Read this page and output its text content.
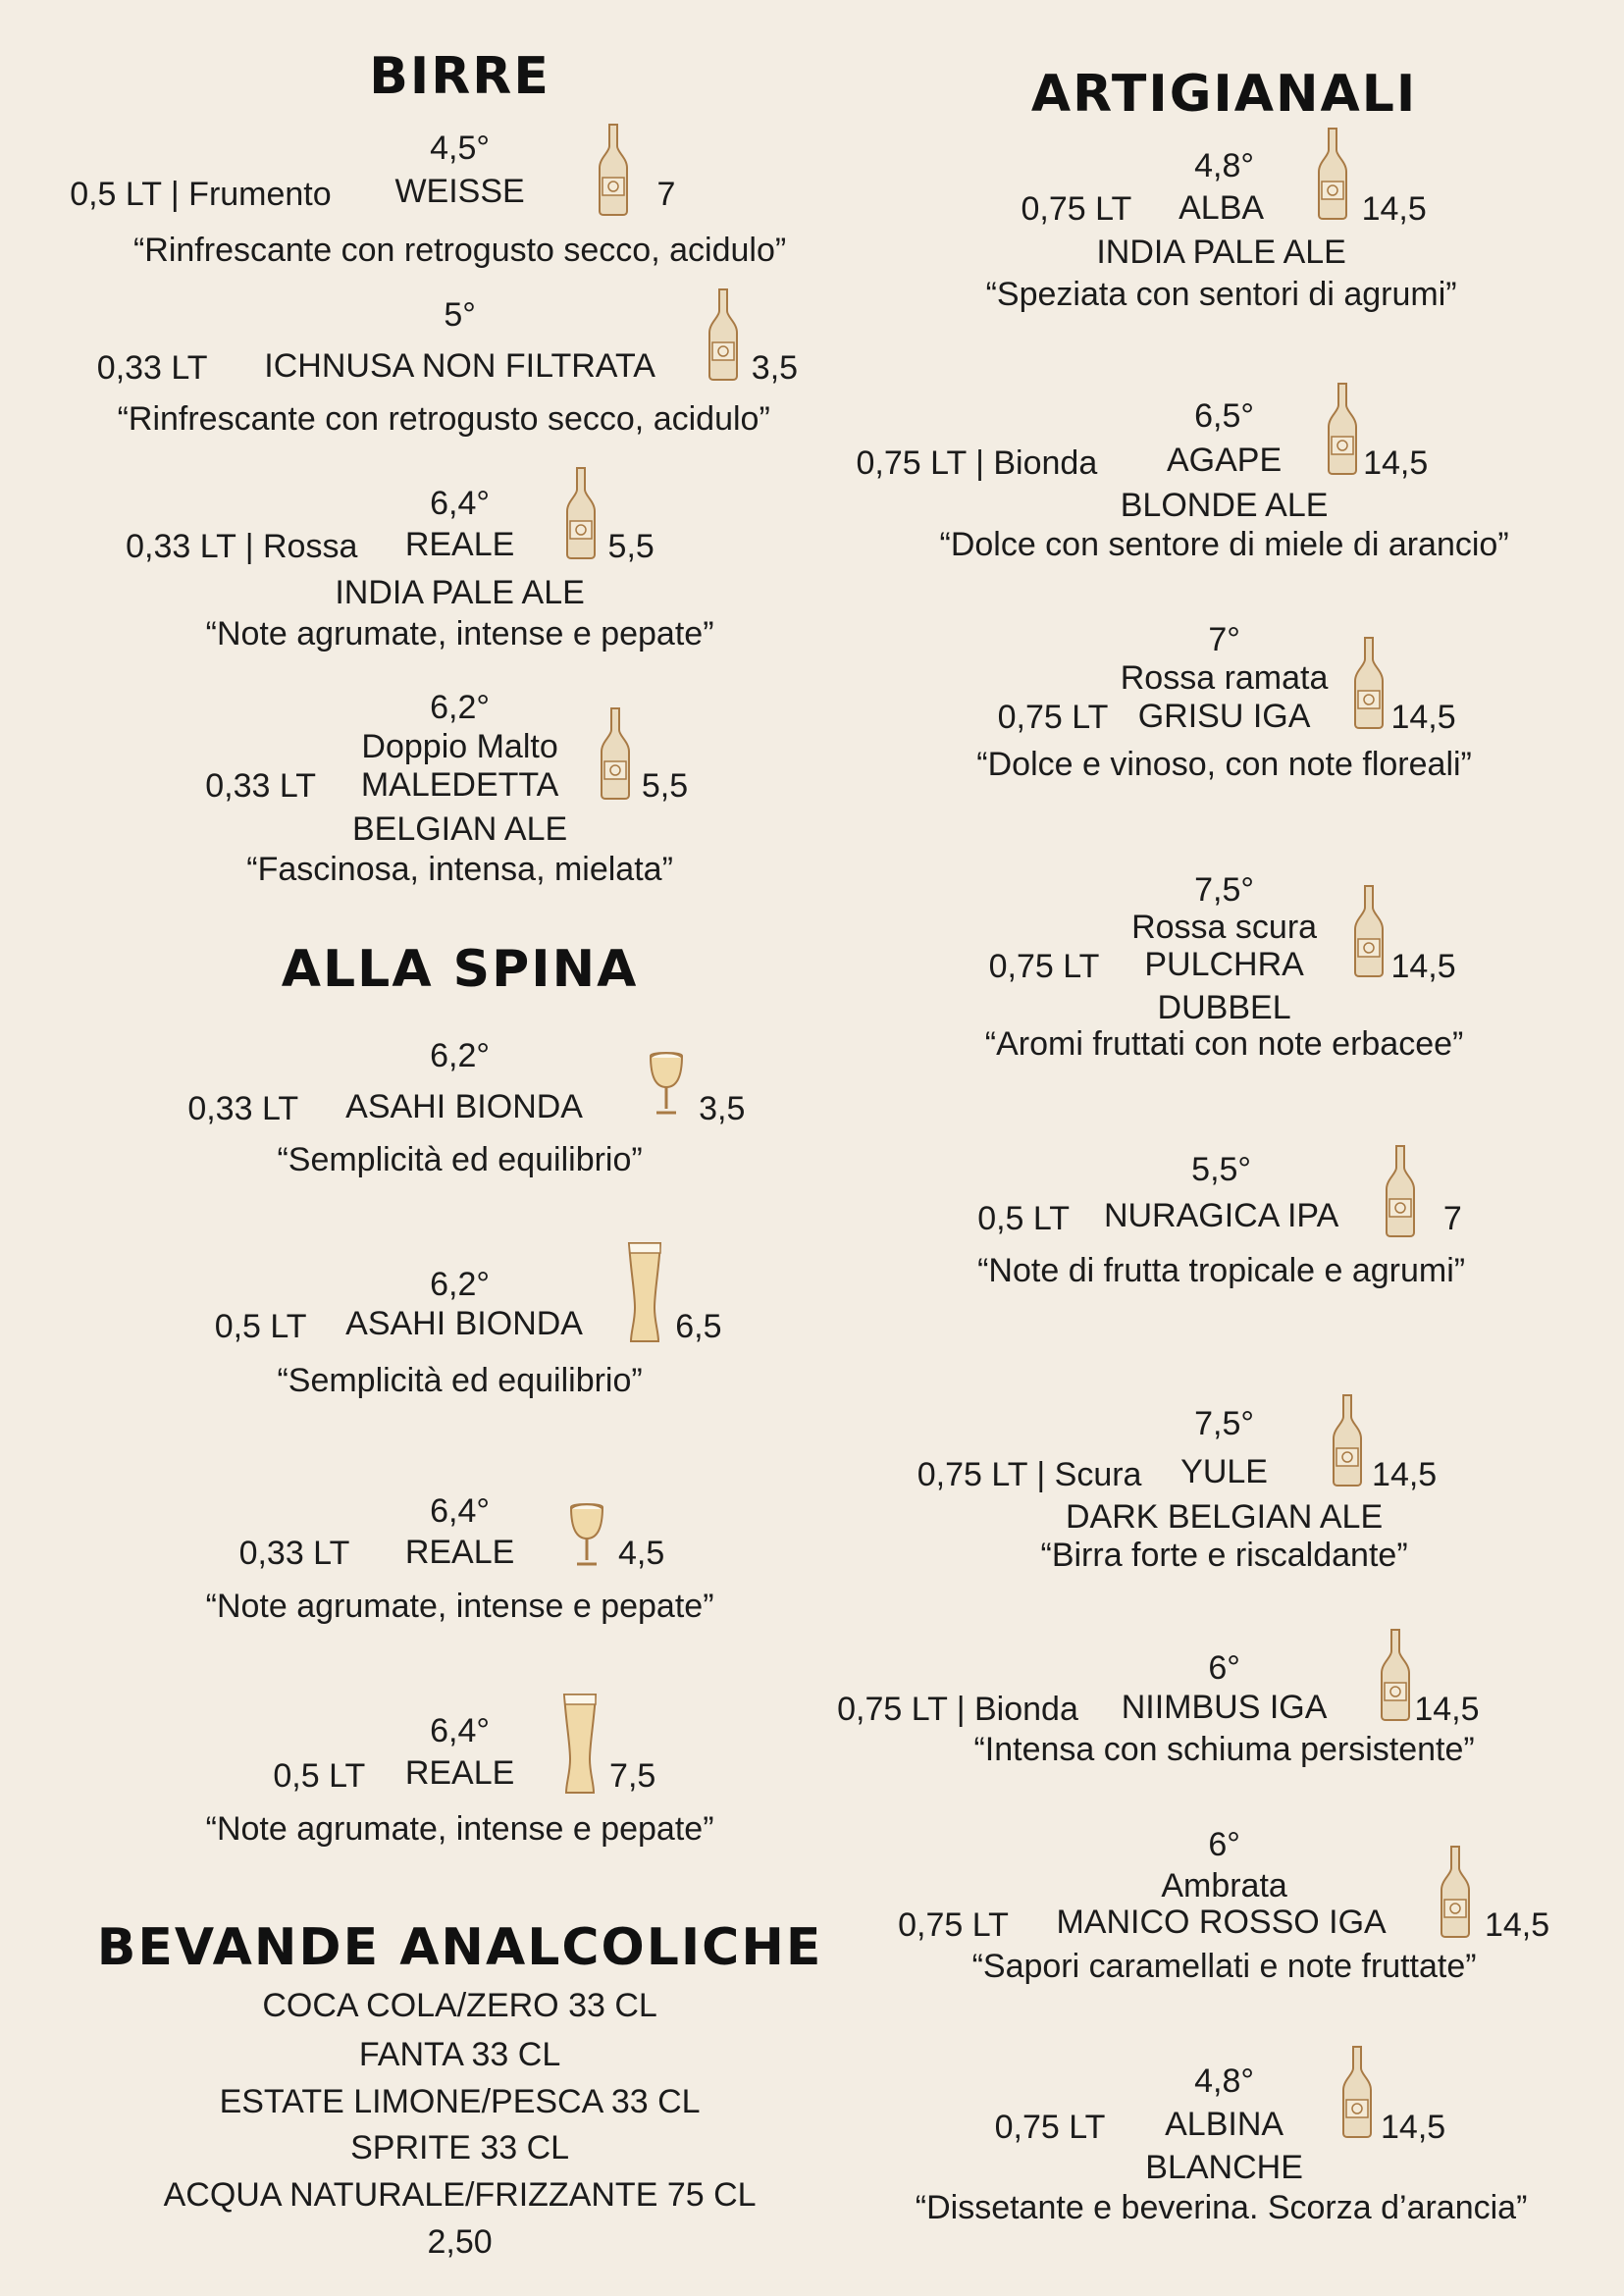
BIRRE
4,5°
0,5 LT | Frumento WEISSE	7
“Rinfrescante con retrogusto secco, acidulo”
5°
0,33 LT ICHNUSA NON FILTRATA	3,5
“Rinfrescante con retrogusto secco, acidulo”
6,4°
0,33 LT | Rossa REALE	5,5
INDIA PALE ALE
“Note agrumate, intense e pepate”
6,2°
Doppio Malto
0,33 LT MALEDETTA 5,5
BELGIAN ALE
“Fascinosa, intensa, mielata”
ALLA SPINA
6,2°
0,33 LT ASAHI BIONDA	3,5
“Semplicità ed equilibrio”
6,2°
0,5 LT ASAHI BIONDA	6,5
“Semplicità ed equilibrio”
6,4°
0,33 LT REALE	4,5
“Note agrumate, intense e pepate”
6,4°
0,5 LT REALE	7,5
“Note agrumate, intense e pepate”
BEVANDE ANALCOLICHE
COCA COLA/ZERO 33 CL
FANTA 33 CL
ESTATE LIMONE/PESCA 33 CL
SPRITE 33 CL
ACQUA NATURALE/FRIZZANTE 75 CL
2,50
ARTIGIANALI
4,8°
0,75 LT ALBA	14,5
INDIA PALE ALE
“Speziata con sentori di agrumi”
6,5°
0,75 LT | Bionda AGAPE 14,5
BLONDE ALE
“Dolce con sentore di miele di arancio”
7°
Rossa ramata
0,75 LT GRISU IGA 14,5
“Dolce e vinoso, con note floreali”
7,5°
Rossa scura
0,75 LT PULCHRA	14,5
DUBBEL
“Aromi fruttati con note erbacee”
5,5°
0,5 LT NURAGICA IPA	7
“Note di frutta tropicale e agrumi”
7,5°
0,75 LT | Scura YULE	14,5
DARK BELGIAN ALE
“Birra forte e riscaldante”
6°
0,75 LT | Bionda NIIMBUS IGA	14,5
“Intensa con schiuma persistente”
6°
Ambrata
0,75 LT MANICO ROSSO IGA	14,5
“Sapori caramellati e note fruttate”
4,8°
0,75 LT ALBINA	14,5
BLANCHE
“Dissetante e beverina. Scorza d’arancia”
